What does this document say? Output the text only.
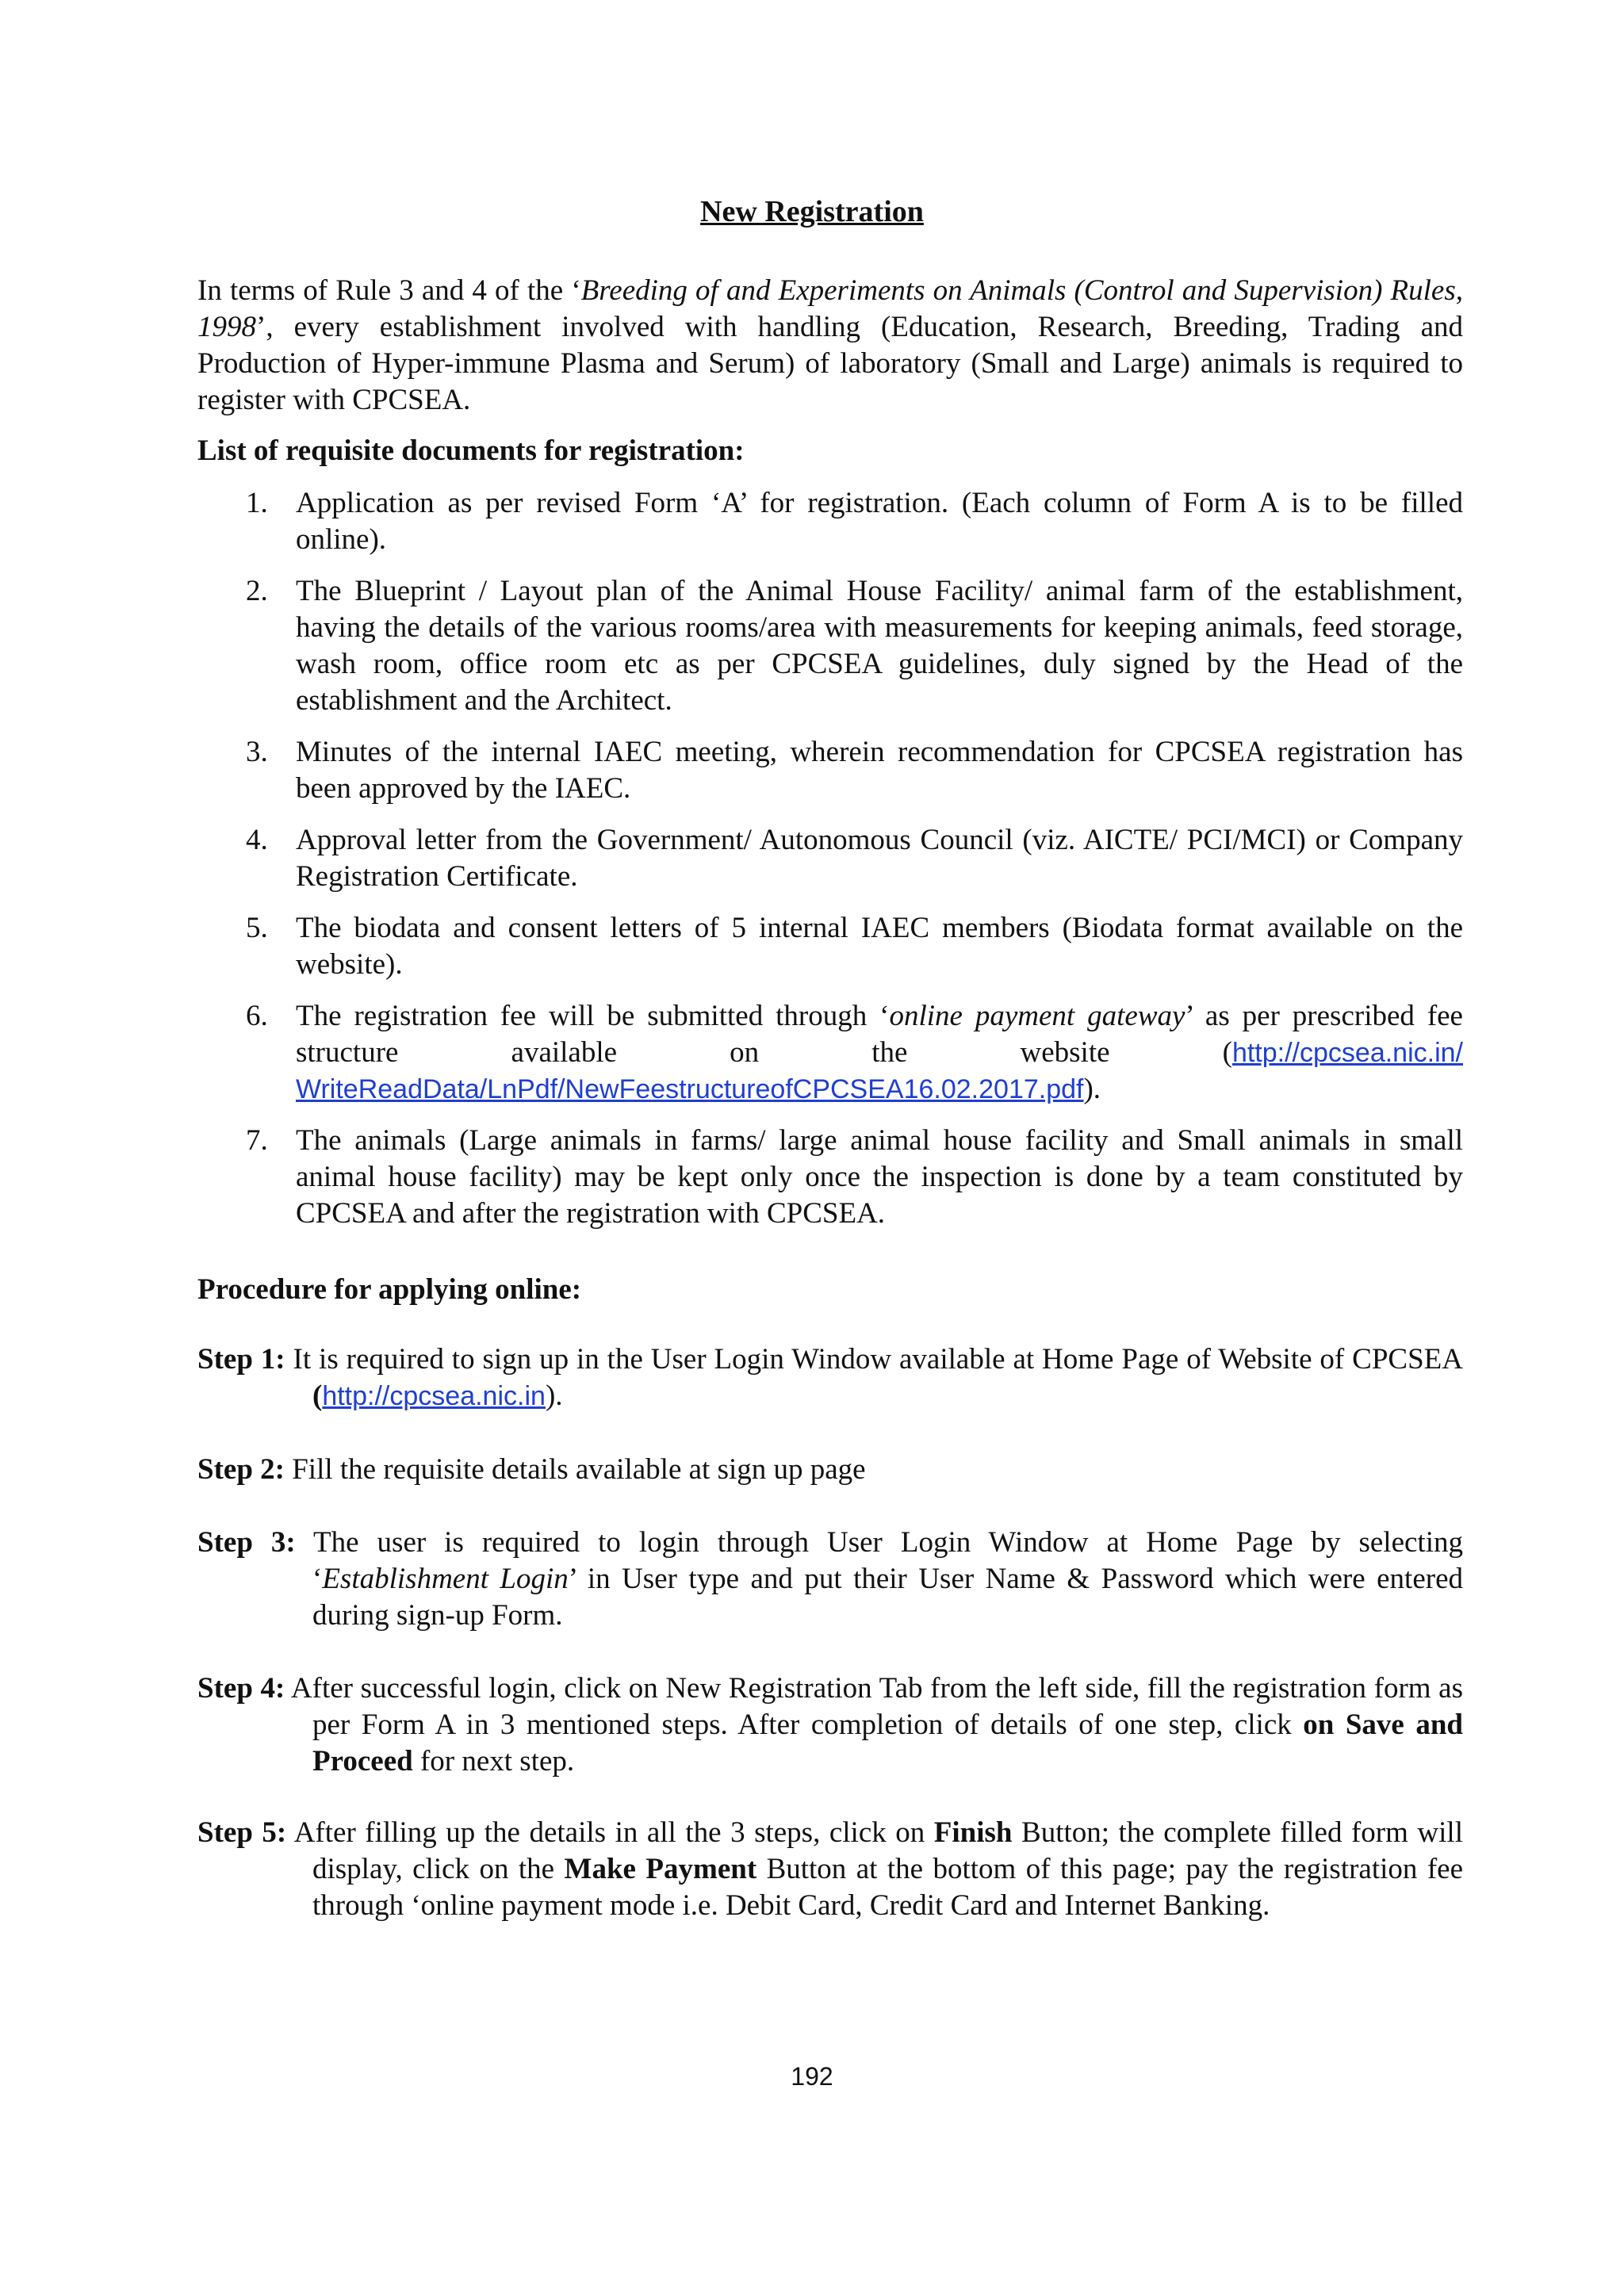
New Registration

In terms of Rule 3 and 4 of the ‘Breeding of and Experiments on Animals (Control and Supervision) Rules, 1998’, every establishment involved with handling (Education, Research, Breeding, Trading and Production of Hyper-immune Plasma and Serum) of laboratory (Small and Large) animals is required to register with CPCSEA.

List of requisite documents for registration:

1. Application as per revised Form ‘A’ for registration. (Each column of Form A is to be filled online).
2. The Blueprint / Layout plan of the Animal House Facility/ animal farm of the establishment, having the details of the various rooms/area with measurements for keeping animals, feed storage, wash room, office room etc as per CPCSEA guidelines, duly signed by the Head of the establishment and the Architect.
3. Minutes of the internal IAEC meeting, wherein recommendation for CPCSEA registration has been approved by the IAEC.
4. Approval letter from the Government/ Autonomous Council (viz. AICTE/ PCI/MCI) or Company Registration Certificate.
5. The biodata and consent letters of 5 internal IAEC members (Biodata format available on the website).
6. The registration fee will be submitted through ‘online payment gateway’ as per prescribed fee structure available on the website (http://cpcsea.nic.in/ WriteReadData/LnPdf/NewFeestructureofCPCSEA16.02.2017.pdf).
7. The animals (Large animals in farms/ large animal house facility and Small animals in small animal house facility) may be kept only once the inspection is done by a team constituted by CPCSEA and after the registration with CPCSEA.

Procedure for applying online:

Step 1: It is required to sign up in the User Login Window available at Home Page of Website of CPCSEA (http://cpcsea.nic.in).

Step 2: Fill the requisite details available at sign up page

Step 3: The user is required to login through User Login Window at Home Page by selecting ‘Establishment Login’ in User type and put their User Name & Password which were entered during sign-up Form.

Step 4: After successful login, click on New Registration Tab from the left side, fill the registration form as per Form A in 3 mentioned steps. After completion of details of one step, click on Save and Proceed for next step.

Step 5: After filling up the details in all the 3 steps, click on Finish Button; the complete filled form will display, click on the Make Payment Button at the bottom of this page; pay the registration fee through ‘online payment mode i.e. Debit Card, Credit Card and Internet Banking.

192
